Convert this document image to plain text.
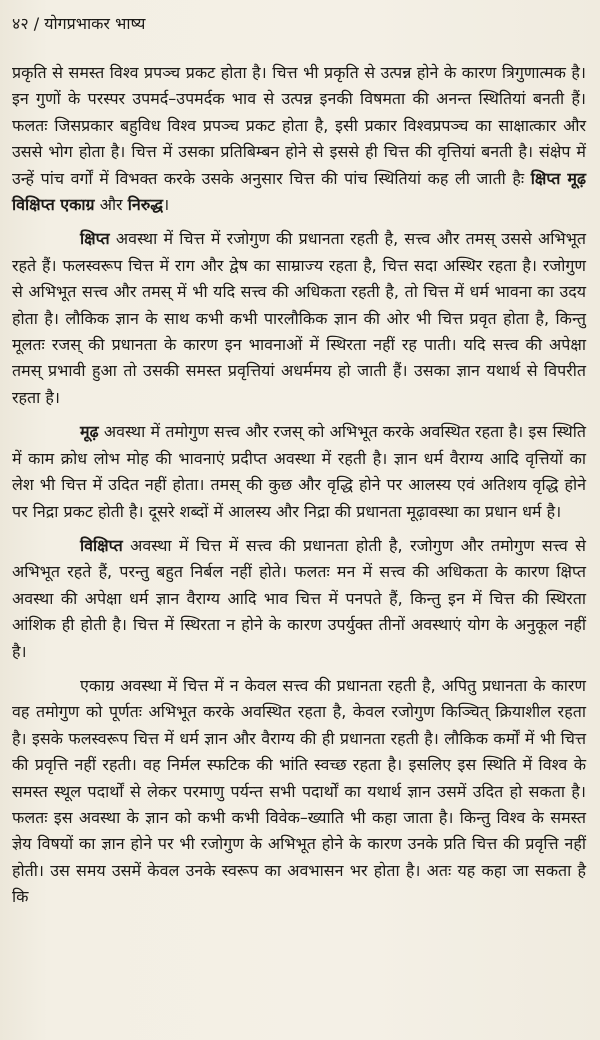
४२ / योगप्रभाकर भाष्य

प्रकृति से समस्त विश्व प्रपञ्च प्रकट होता है। चित्त भी प्रकृति से उत्पन्न होने के कारण त्रिगुणात्मक है। इन गुणों के परस्पर उपमर्द–उपमर्दक भाव से उत्पन्न इनकी विषमता की अनन्त स्थितियां बनती हैं। फलतः जिसप्रकार बहुविध विश्व प्रपञ्च प्रकट होता है, इसी प्रकार विश्वप्रपञ्च का साक्षात्कार और उससे भोग होता है। चित्त में उसका प्रतिबिम्बन होने से इससे ही चित्त की वृत्तियां बनती है। संक्षेप में उन्हें पांच वर्गों में विभक्त करके उसके अनुसार चित्त की पांच स्थितियां कह ली जाती हैः क्षिप्त मूढ़ विक्षिप्त एकाग्र और निरुद्ध।

क्षिप्त अवस्था में चित्त में रजोगुण की प्रधानता रहती है, सत्त्व और तमस् उससे अभिभूत रहते हैं। फलस्वरूप चित्त में राग और द्वेष का साम्राज्य रहता है, चित्त सदा अस्थिर रहता है। रजोगुण से अभिभूत सत्त्व और तमस् में भी यदि सत्त्व की अधिकता रहती है, तो चित्त में धर्म भावना का उदय होता है। लौकिक ज्ञान के साथ कभी कभी पारलौकिक ज्ञान की ओर भी चित्त प्रवृत होता है, किन्तु मूलतः रजस् की प्रधानता के कारण इन भावनाओं में स्थिरता नहीं रह पाती। यदि सत्त्व की अपेक्षा तमस् प्रभावी हुआ तो उसकी समस्त प्रवृत्तियां अधर्ममय हो जाती हैं। उसका ज्ञान यथार्थ से विपरीत रहता है।

मूढ़ अवस्था में तमोगुण सत्त्व और रजस् को अभिभूत करके अवस्थित रहता है। इस स्थिति में काम क्रोध लोभ मोह की भावनाएं प्रदीप्त अवस्था में रहती है। ज्ञान धर्म वैराग्य आदि वृत्तियों का लेश भी चित्त में उदित नहीं होता। तमस् की कुछ और वृद्धि होने पर आलस्य एवं अतिशय वृद्धि होने पर निद्रा प्रकट होती है। दूसरे शब्दों में आलस्य और निद्रा की प्रधानता मूढ़ावस्था का प्रधान धर्म है।

विक्षिप्त अवस्था में चित्त में सत्त्व की प्रधानता होती है, रजोगुण और तमोगुण सत्त्व से अभिभूत रहते हैं, परन्तु बहुत निर्बल नहीं होते। फलतः मन में सत्त्व की अधिकता के कारण क्षिप्त अवस्था की अपेक्षा धर्म ज्ञान वैराग्य आदि भाव चित्त में पनपते हैं, किन्तु इन में चित्त की स्थिरता आंशिक ही होती है। चित्त में स्थिरता न होने के कारण उपर्युक्त तीनों अवस्थाएं योग के अनुकूल नहीं है।

एकाग्र अवस्था में चित्त में न केवल सत्त्व की प्रधानता रहती है, अपितु प्रधानता के कारण वह तमोगुण को पूर्णतः अभिभूत करके अवस्थित रहता है, केवल रजोगुण किञ्चित् क्रियाशील रहता है। इसके फलस्वरूप चित्त में धर्म ज्ञान और वैराग्य की ही प्रधानता रहती है। लौकिक कर्मों में भी चित्त की प्रवृत्ति नहीं रहती। वह निर्मल स्फटिक की भांति स्वच्छ रहता है। इसलिए इस स्थिति में विश्व के समस्त स्थूल पदार्थों से लेकर परमाणु पर्यन्त सभी पदार्थों का यथार्थ ज्ञान उसमें उदित हो सकता है। फलतः इस अवस्था के ज्ञान को कभी कभी विवेक–ख्याति भी कहा जाता है। किन्तु विश्व के समस्त ज्ञेय विषयों का ज्ञान होने पर भी रजोगुण के अभिभूत होने के कारण उनके प्रति चित्त की प्रवृत्ति नहीं होती। उस समय उसमें केवल उनके स्वरूप का अवभासन भर होता है। अतः यह कहा जा सकता है कि
